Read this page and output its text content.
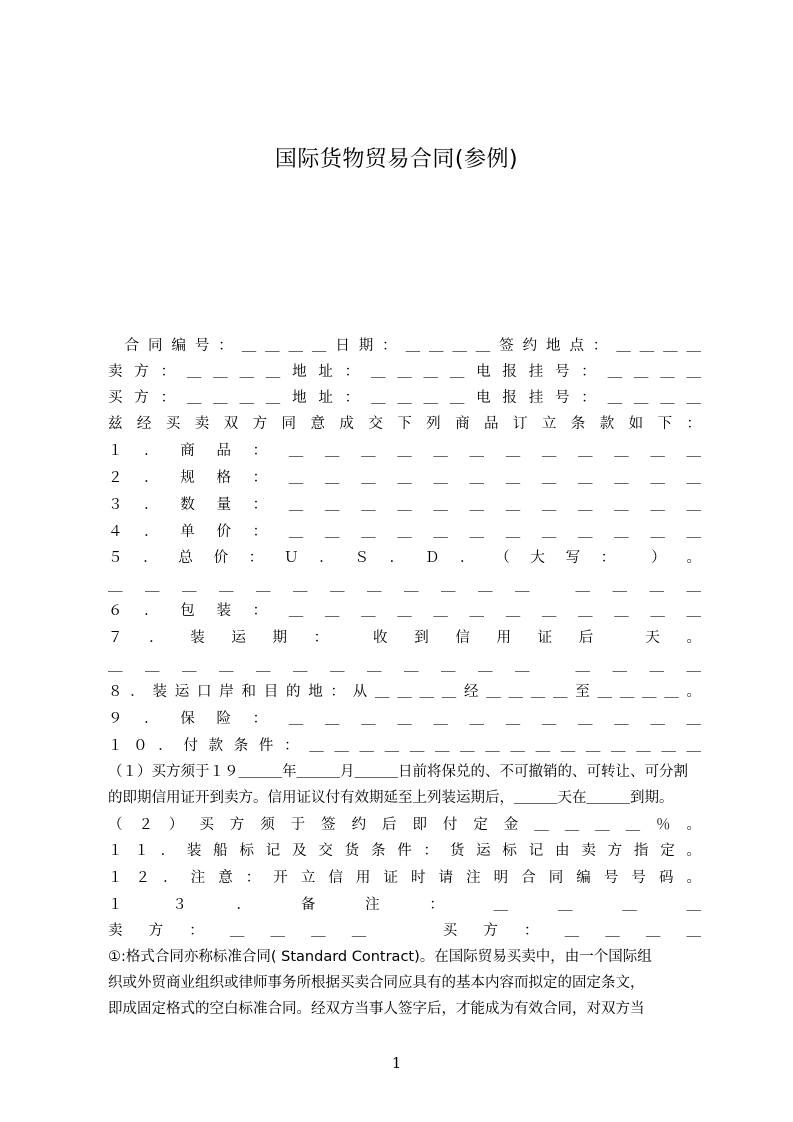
国际货物贸易合同(参例)
　合 同 编 号 ： ＿ ＿ ＿ ＿ 日 期 ： ＿ ＿ ＿ ＿ 签 约 地 点 ： ＿ ＿ ＿ ＿
卖 方 ： ＿ ＿ ＿ ＿ 地 址 ： ＿ ＿ ＿ ＿ 电 报 挂 号 ： ＿ ＿ ＿ ＿
买 方 ： ＿ ＿ ＿ ＿ 地 址 ： ＿ ＿ ＿ ＿ 电 报 挂 号 ： ＿ ＿ ＿ ＿
兹 经 买 卖 双 方 同 意 成 交 下 列 商 品 订 立 条 款 如 下 ：
１ ． 商 品 ： ＿ ＿ ＿ ＿ ＿ ＿ ＿ ＿ ＿ ＿ ＿ ＿
２ ． 规 格 ： ＿ ＿ ＿ ＿ ＿ ＿ ＿ ＿ ＿ ＿ ＿ ＿
３ ． 数 量 ： ＿ ＿ ＿ ＿ ＿ ＿ ＿ ＿ ＿ ＿ ＿ ＿
４ ． 单 价 ： ＿ ＿ ＿ ＿ ＿ ＿ ＿ ＿ ＿ ＿ ＿ ＿
５ ． 总 价 ： Ｕ ． Ｓ ． Ｄ ． （ 大 写 ：　 ） 。
＿ ＿ ＿ ＿ ＿ ＿ ＿ ＿ ＿ ＿ ＿ ＿　 ＿ ＿ ＿ ＿
６ ． 包 装 ： ＿ ＿ ＿ ＿ ＿ ＿ ＿ ＿ ＿ ＿ ＿ ＿
７ ． 装 运 期 ：　 收 到 信 用 证 后　 天 。
＿ ＿ ＿ ＿ ＿ ＿ ＿ ＿ ＿ ＿ ＿ ＿　 ＿ ＿ ＿ ＿
８ ． 装 运 口 岸 和 目 的 地 ： 从 ＿ ＿ ＿ ＿ 经 ＿ ＿ ＿ ＿ 至 ＿ ＿ ＿ ＿ 。
９ ． 保 险 ： ＿ ＿ ＿ ＿ ＿ ＿ ＿ ＿ ＿ ＿ ＿ ＿
１ ０ ． 付 款 条 件 ： ＿ ＿ ＿ ＿ ＿ ＿ ＿ ＿ ＿ ＿ ＿ ＿ ＿ ＿ ＿ ＿
（１）买方须于１９＿＿＿年＿＿＿月＿＿＿日前将保兑的、不可撤销的、可转让、可分割
的即期信用证开到卖方。信用证议付有效期延至上列装运期后，＿＿＿天在＿＿＿到期。
（ ２ ） 买 方 须 于 签 约 后 即 付 定 金 ＿ ＿ ＿ ＿ ％ 。
１ １ ． 装 船 标 记 及 交 货 条 件 ： 货 运 标 记 由 卖 方 指 定 。
１ ２ ． 注 意 ： 开 立 信 用 证 时 请 注 明 合 同 编 号 号 码 。
１ ３ ． 备 注 ： ＿ ＿ ＿ ＿
卖 方 ： ＿ ＿ ＿ ＿　　 买 方 ： ＿ ＿ ＿ ＿
①:格式合同亦称标准合同( Standard Contract)。在国际贸易买卖中，由一个国际组
织或外贸商业组织或律师事务所根据买卖合同应具有的基本内容而拟定的固定条文，
即成固定格式的空白标准合同。经双方当事人签字后，才能成为有效合同，对双方当
1
